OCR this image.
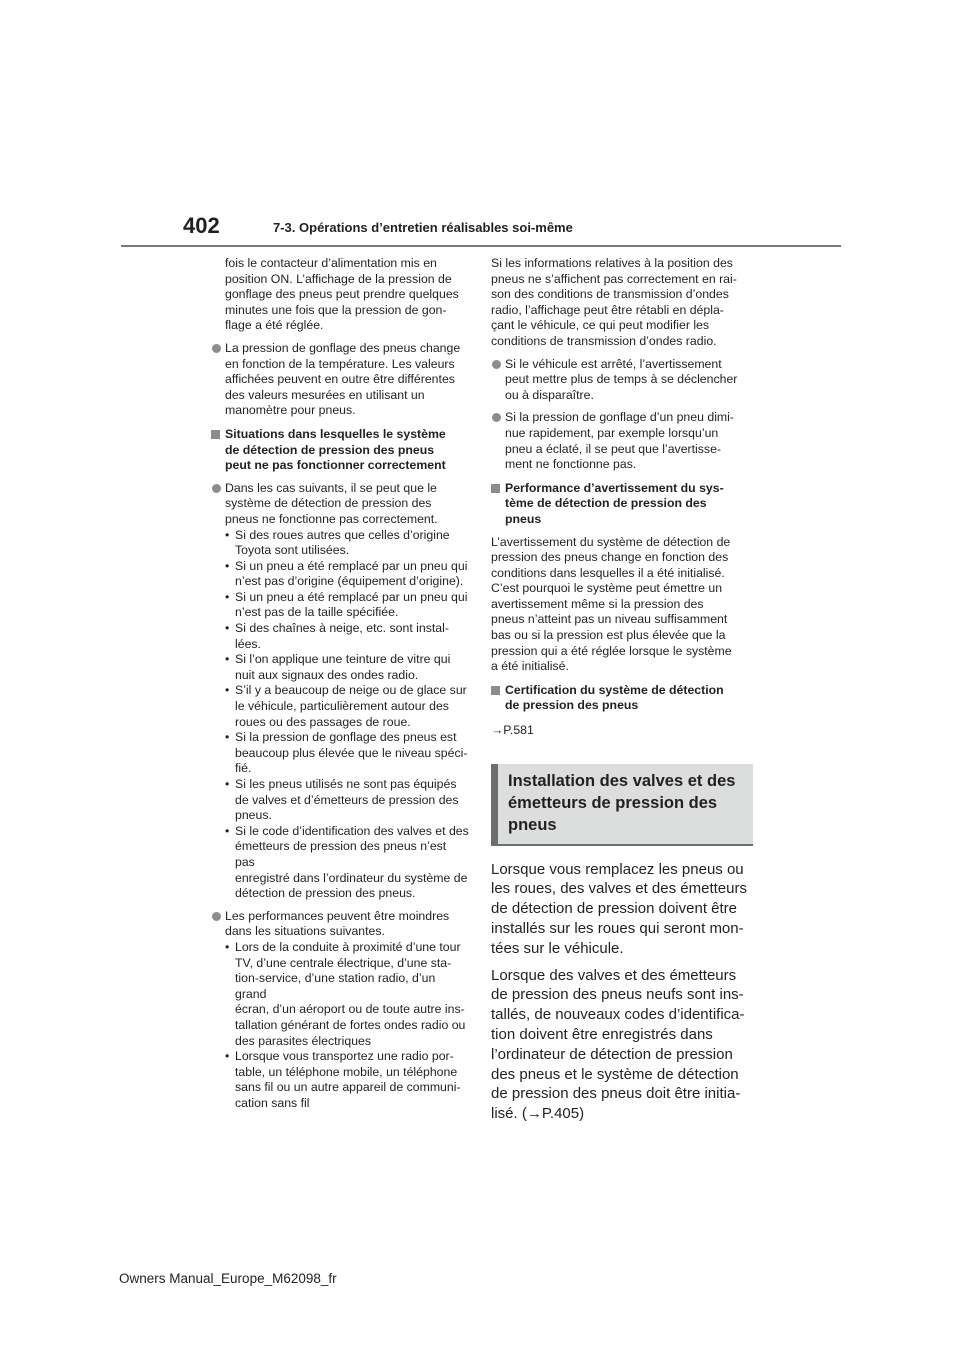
402	7-3. Opérations d’entretien réalisables soi-même
fois le contacteur d’alimentation mis en
position ON. L’affichage de la pression de
gonflage des pneus peut prendre quelques
minutes une fois que la pression de gon-
flage a été réglée.
La pression de gonflage des pneus change
en fonction de la température. Les valeurs
affichées peuvent en outre être différentes
des valeurs mesurées en utilisant un
manomètre pour pneus.
Situations dans lesquelles le système
de détection de pression des pneus
peut ne pas fonctionner correctement
Dans les cas suivants, il se peut que le
système de détection de pression des
pneus ne fonctionne pas correctement.
• Si des roues autres que celles d’origine
Toyota sont utilisées.
• Si un pneu a été remplacé par un pneu qui
n’est pas d’origine (équipement d’origine).
• Si un pneu a été remplacé par un pneu qui
n’est pas de la taille spécifiée.
• Si des chaînes à neige, etc. sont instal-
lées.
• Si l’on applique une teinture de vitre qui
nuit aux signaux des ondes radio.
• S’il y a beaucoup de neige ou de glace sur
le véhicule, particulièrement autour des
roues ou des passages de roue.
• Si la pression de gonflage des pneus est
beaucoup plus élevée que le niveau spéci-
fié.
• Si les pneus utilisés ne sont pas équipés
de valves et d’émetteurs de pression des
pneus.
• Si le code d’identification des valves et des
émetteurs de pression des pneus n’est pas
enregistré dans l’ordinateur du système de
détection de pression des pneus.
Les performances peuvent être moindres
dans les situations suivantes.
• Lors de la conduite à proximité d’une tour
TV, d’une centrale électrique, d’une sta-
tion-service, d’une station radio, d’un grand
écran, d’un aéroport ou de toute autre ins-
tallation générant de fortes ondes radio ou
des parasites électriques
• Lorsque vous transportez une radio por-
table, un téléphone mobile, un téléphone
sans fil ou un autre appareil de communi-
cation sans fil
Si les informations relatives à la position des
pneus ne s’affichent pas correctement en rai-
son des conditions de transmission d’ondes
radio, l’affichage peut être rétabli en dépla-
çant le véhicule, ce qui peut modifier les
conditions de transmission d’ondes radio.
Si le véhicule est arrêté, l’avertissement
peut mettre plus de temps à se déclencher
ou à disparaître.
Si la pression de gonflage d’un pneu dimi-
nue rapidement, par exemple lorsqu’un
pneu a éclaté, il se peut que l’avertisse-
ment ne fonctionne pas.
Performance d’avertissement du sys-
tème de détection de pression des
pneus
L’avertissement du système de détection de
pression des pneus change en fonction des
conditions dans lesquelles il a été initialisé.
C’est pourquoi le système peut émettre un
avertissement même si la pression des
pneus n’atteint pas un niveau suffisamment
bas ou si la pression est plus élevée que la
pression qui a été réglée lorsque le système
a été initialisé.
Certification du système de détection
de pression des pneus
→P.581
Installation des valves et des
émetteurs de pression des
pneus
Lorsque vous remplacez les pneus ou
les roues, des valves et des émetteurs
de détection de pression doivent être
installés sur les roues qui seront mon-
tées sur le véhicule.
Lorsque des valves et des émetteurs
de pression des pneus neufs sont ins-
tallés, de nouveaux codes d’identifica-
tion doivent être enregistrés dans
l’ordinateur de détection de pression
des pneus et le système de détection
de pression des pneus doit être initia-
lisé. (→P.405)
Owners Manual_Europe_M62098_fr
